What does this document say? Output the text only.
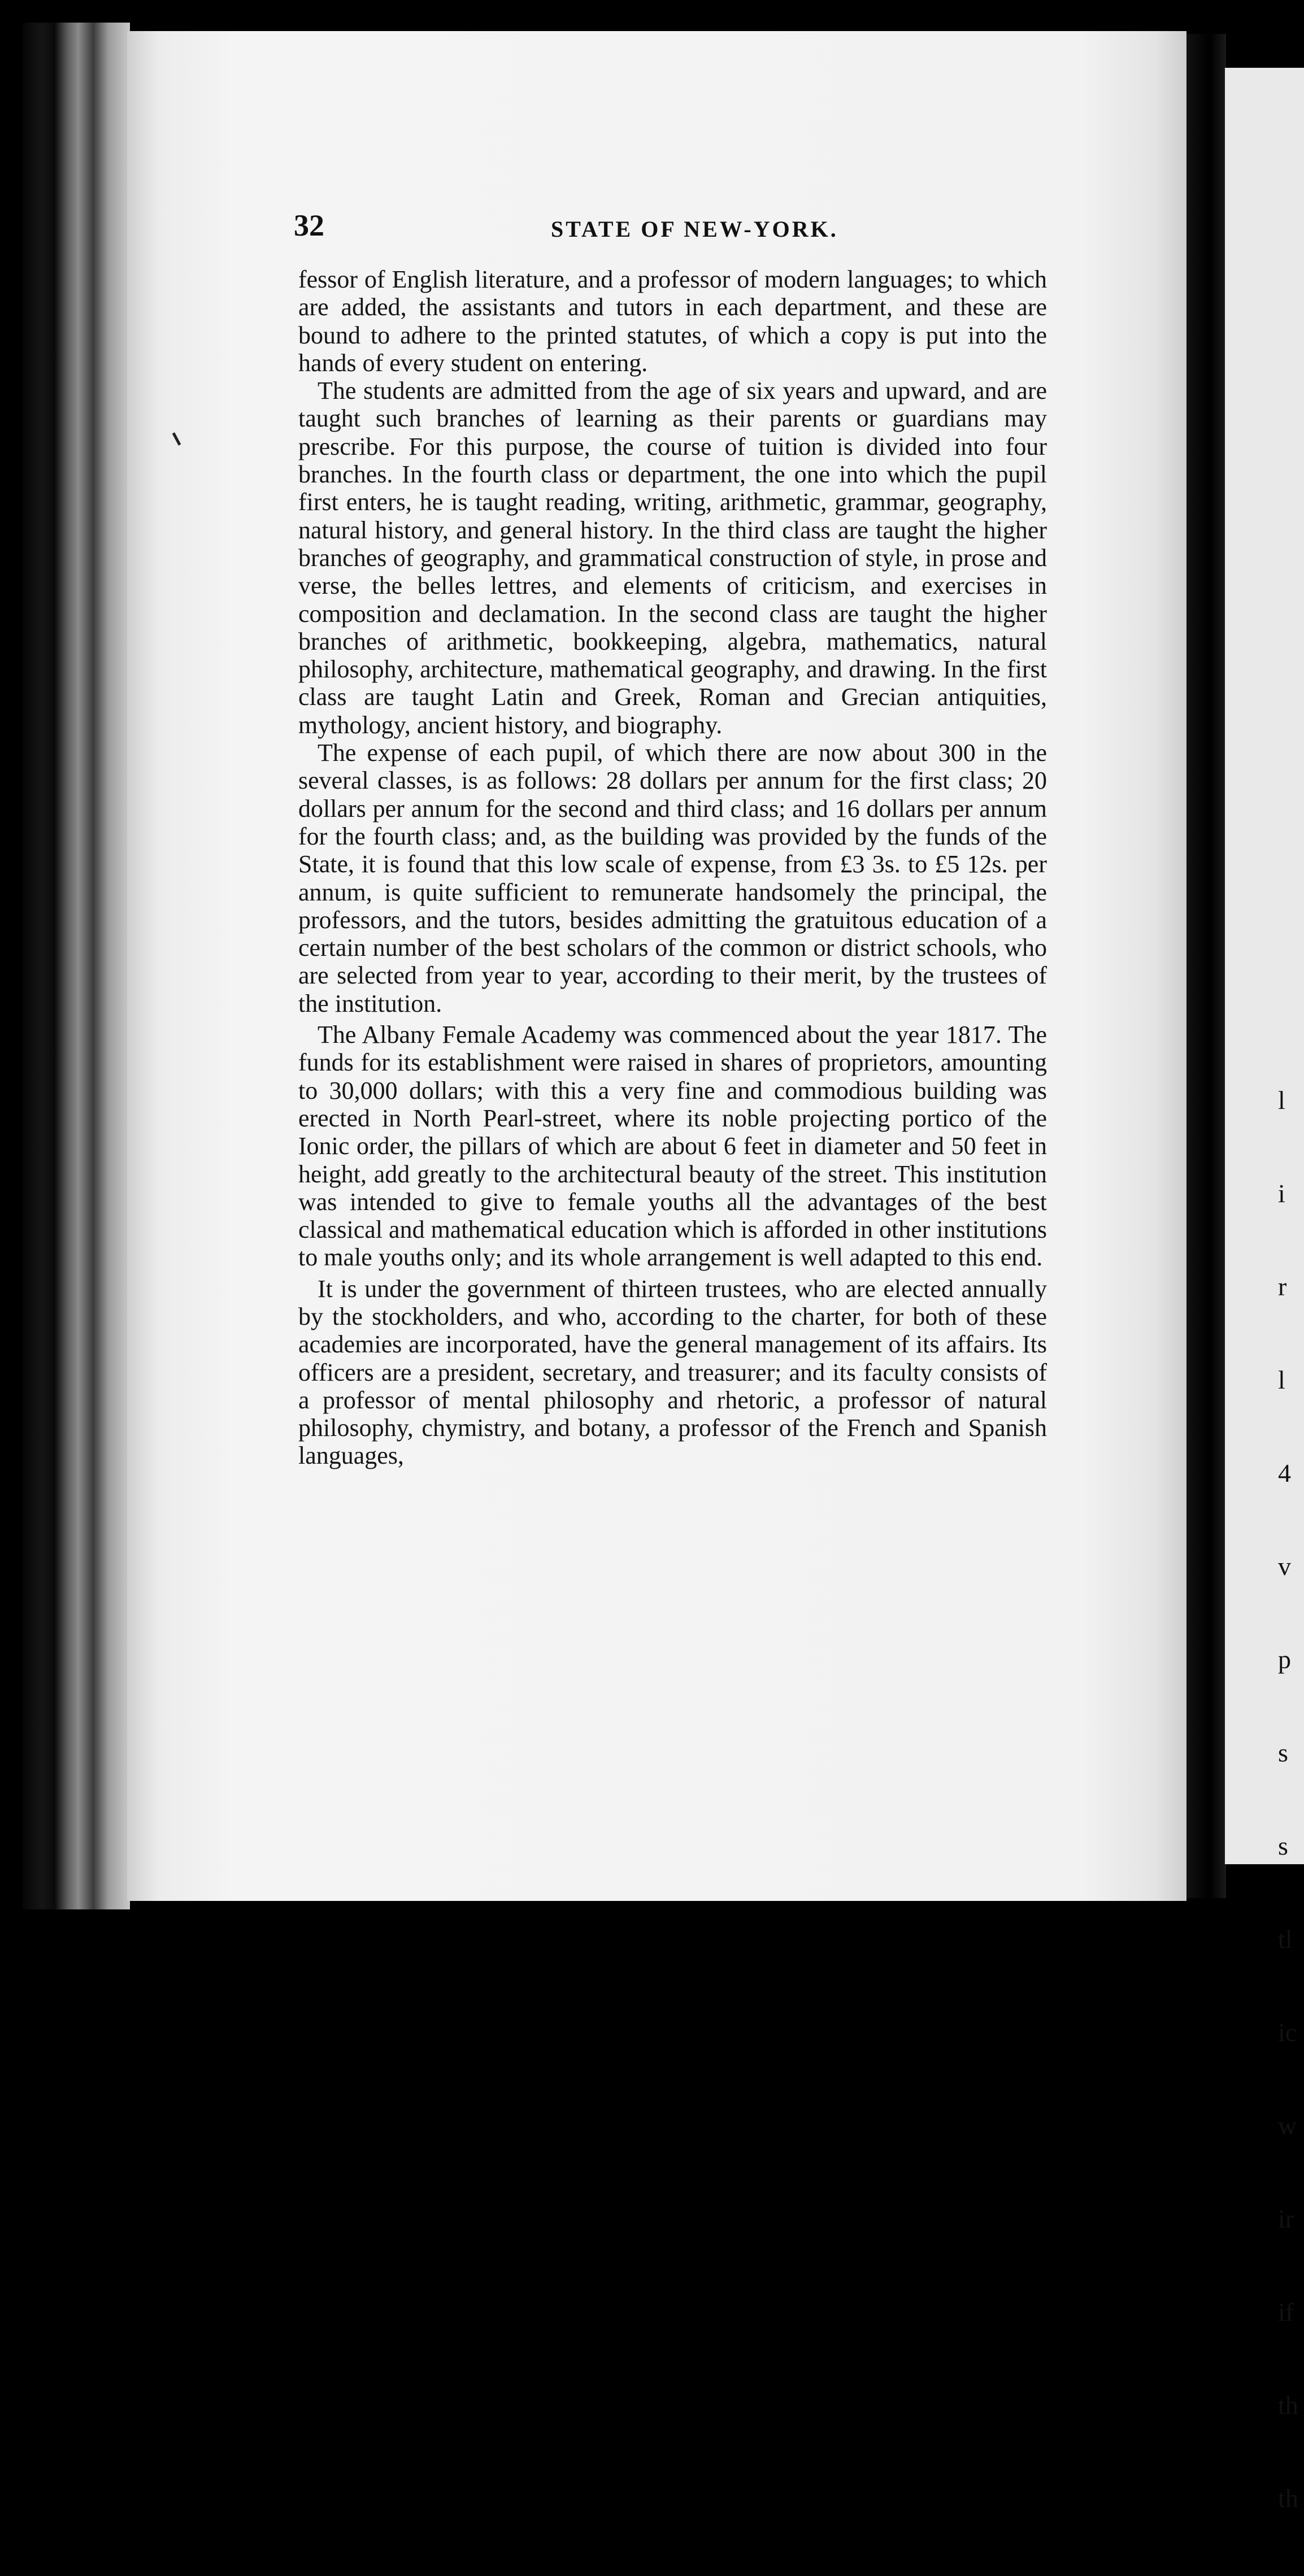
32	STATE OF NEW-YORK.

fessor of English literature, and a professor of modern languages; to which are added, the assistants and tutors in each department, and these are bound to adhere to the printed statutes, of which a copy is put into the hands of every student on entering.

The students are admitted from the age of six years and upward, and are taught such branches of learning as their parents or guardians may prescribe. For this purpose, the course of tuition is divided into four branches. In the fourth class or department, the one into which the pupil first enters, he is taught reading, writing, arithmetic, grammar, geography, natural history, and general history. In the third class are taught the higher branches of geography, and grammatical construction of style, in prose and verse, the belles lettres, and elements of criticism, and exercises in composition and declamation. In the second class are taught the higher branches of arithmetic, bookkeeping, algebra, mathematics, natural philosophy, architecture, mathematical geography, and drawing. In the first class are taught Latin and Greek, Roman and Grecian antiquities, mythology, ancient history, and biography.

The expense of each pupil, of which there are now about 300 in the several classes, is as follows: 28 dollars per annum for the first class; 20 dollars per annum for the second and third class; and 16 dollars per annum for the fourth class; and, as the building was provided by the funds of the State, it is found that this low scale of expense, from £3 3s. to £5 12s. per annum, is quite sufficient to remunerate handsomely the principal, the professors, and the tutors, besides admitting the gratuitous education of a certain number of the best scholars of the common or district schools, who are selected from year to year, according to their merit, by the trustees of the institution.

The Albany Female Academy was commenced about the year 1817. The funds for its establishment were raised in shares of proprietors, amounting to 30,000 dollars; with this a very fine and commodious building was erected in North Pearl-street, where its noble projecting portico of the Ionic order, the pillars of which are about 6 feet in diameter and 50 feet in height, add greatly to the architectural beauty of the street. This institution was intended to give to female youths all the advantages of the best classical and mathematical education which is afforded in other institutions to male youths only; and its whole arrangement is well adapted to this end.

It is under the government of thirteen trustees, who are elected annually by the stockholders, and who, according to the charter, for both of these academies are incorporated, have the general management of its affairs. Its officers are a president, secretary, and treasurer; and its faculty consists of a professor of mental philosophy and rhetoric, a professor of natural philosophy, chymistry, and botany, a professor of the French and Spanish languages,

l

i

r

l

4

v

p

s

s

tl

ic

w

ir

if

th

th
